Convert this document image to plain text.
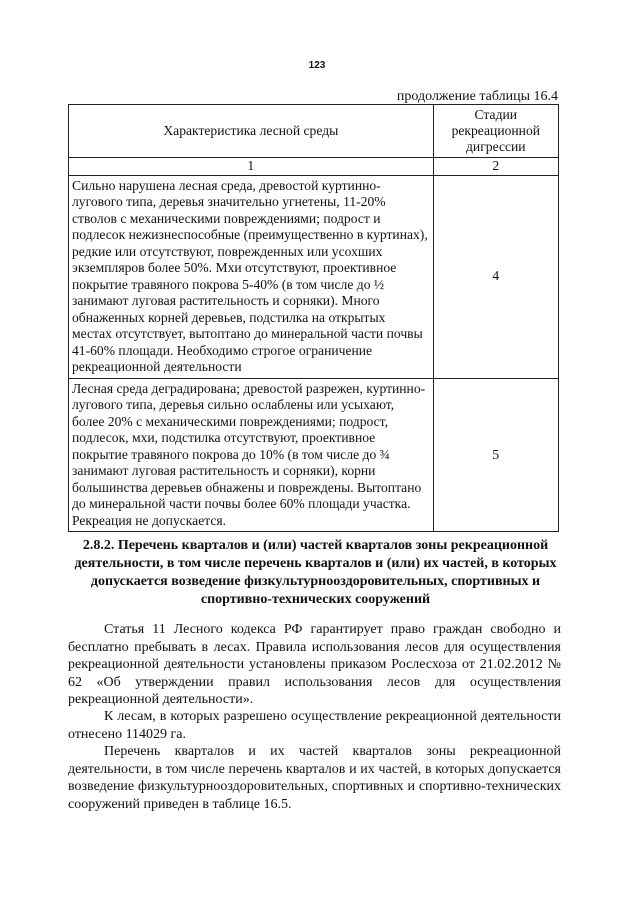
123
продолжение таблицы 16.4
Характеристика лесной среды	Стадии рекреационной дигрессии
1	2
Сильно нарушена лесная среда, древостой куртинно-лугового типа, деревья значительно угнетены, 11-20% стволов с механическими повреждениями; подрост и подлесок нежизнеспособные (преимущественно в куртинах), редкие или отсутствуют, поврежденных или усохших экземпляров более 50%. Мхи отсутствуют, проективное покрытие травяного покрова 5-40% (в том числе до ½ занимают луговая растительность и сорняки). Много обнаженных корней деревьев, подстилка на открытых местах отсутствует, вытоптано до минеральной части почвы 41-60% площади. Необходимо строгое ограничение рекреационной деятельности	4
Лесная среда деградирована; древостой разрежен, куртинно-лугового типа, деревья сильно ослаблены или усыхают, более 20% с механическими повреждениями; подрост, подлесок, мхи, подстилка отсутствуют, проективное покрытие травяного покрова до 10% (в том числе до ¾ занимают луговая растительность и сорняки), корни большинства деревьев обнажены и повреждены. Вытоптано до минеральной части почвы более 60% площади участка. Рекреация не допускается.	5
2.8.2. Перечень кварталов и (или) частей кварталов зоны рекреационной деятельности, в том числе перечень кварталов и (или) их частей, в которых допускается возведение физкультурнооздоровительных, спортивных и спортивно-технических сооружений

Статья 11 Лесного кодекса РФ гарантирует право граждан свободно и бесплатно пребывать в лесах. Правила использования лесов для осуществления рекреационной деятельности установлены приказом Рослесхоза от 21.02.2012 № 62 «Об утверждении правил использования лесов для осуществления рекреационной деятельности».

К лесам, в которых разрешено осуществление рекреационной деятельности отнесено 114029 га.

Перечень кварталов и их частей кварталов зоны рекреационной деятельности, в том числе перечень кварталов и их частей, в которых допускается возведение физкультурнооздоровительных, спортивных и спортивно-технических сооружений приведен в таблице 16.5.
